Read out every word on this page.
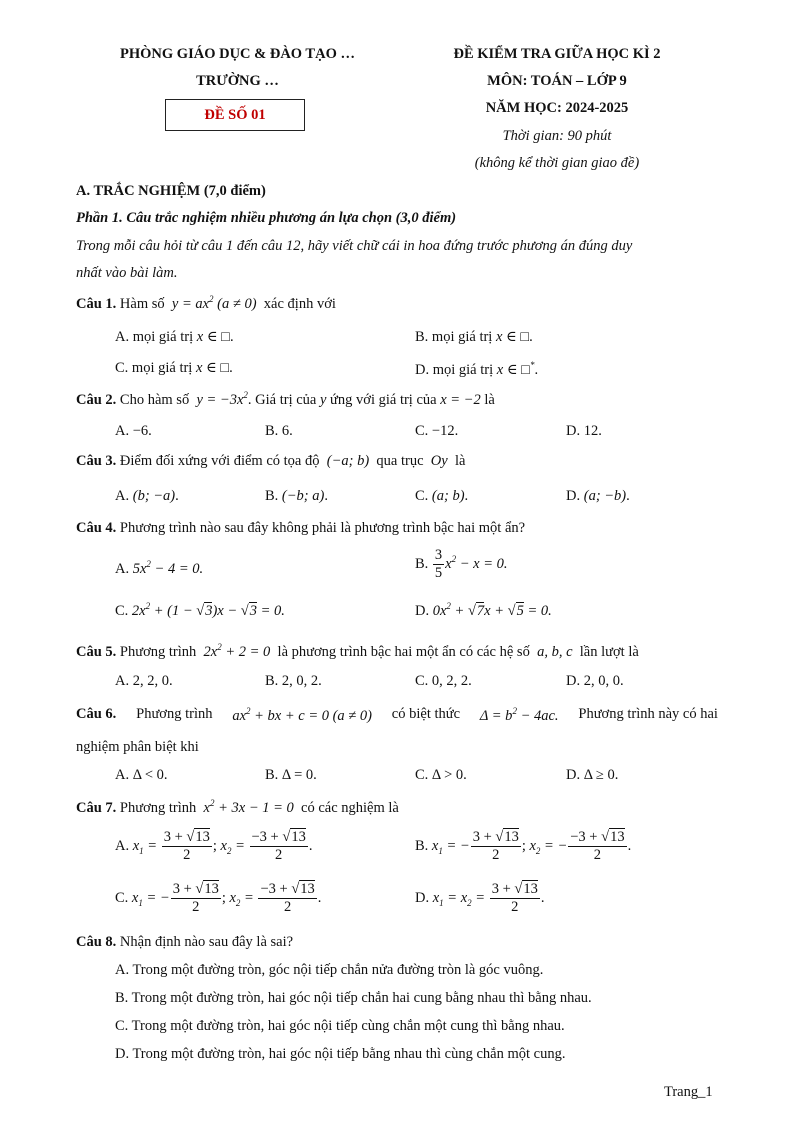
PHÒNG GIÁO DỤC & ĐÀO TẠO …
TRƯỜNG …
ĐỀ SỐ 01
ĐỀ KIỂM TRA GIỮA HỌC KÌ 2
MÔN: TOÁN – LỚP 9
NĂM HỌC: 2024-2025
Thời gian: 90 phút
(không kể thời gian giao đề)
A. TRẮC NGHIỆM (7,0 điểm)
Phần 1. Câu trắc nghiệm nhiều phương án lựa chọn (3,0 điểm)
Trong mỗi câu hỏi từ câu 1 đến câu 12, hãy viết chữ cái in hoa đứng trước phương án đúng duy
nhất vào bài làm.
Câu 1. Hàm số  $y = ax^2$ (a ≠ 0)  xác định với
A. mọi giá trị x ∈ □.	B. mọi giá trị x ∈ □.
C. mọi giá trị x ∈ □.	D. mọi giá trị x ∈ □*.
Câu 2. Cho hàm số  $y = -3x^2$. Giá trị của y ứng với giá trị của x = −2 là
A. −6.	B. 6.	C. −12.	D. 12.
Câu 3. Điểm đối xứng với điểm có tọa độ  (−a; b)  qua trục  Oy  là
A. (b; −a).	B. (−b; a).	C. (a; b).	D. (a; −b).
Câu 4. Phương trình nào sau đây không phải là phương trình bậc hai một ẩn?
A. $5x^2 - 4 = 0$.	B. $\frac{3}{5} x^2 - x = 0$.
C. $2x^2 + (1 - √3)x - √3 = 0$.	D. $0x^2 + √7x + √5 = 0$.
Câu 5. Phương trình  $2x^2 + 2 = 0$  là phương trình bậc hai một ẩn có các hệ số  a, b, c  lần lượt là
A. 2, 2, 0.	B. 2, 0, 2.	C. 0, 2, 2.	D. 2, 0, 0.
Câu 6. Phương trình $ax^2$ + bx + c = 0 (a ≠ 0) có biệt thức $\Delta = b^2 - 4ac$. Phương trình này có hai
nghiệm phân biệt khi
A. Δ < 0.	B. Δ = 0.	C. Δ > 0.	D. Δ ≥ 0.
Câu 7. Phương trình  $x^2 + 3x - 1 = 0$  có các nghiệm là
A. $x_1 = \frac{3 + √13}{2}$ ; $x_2 = \frac{-3 + √13}{2}$ .	B. $x_1$ = − $\frac{3 + √13}{2}$ ; $x_2$ = − $\frac{-3 + √13}{2}$ .
C. $x_1$ = − $\frac{3 + √13}{2}$ ; $x_2 = \frac{-3 + √13}{2}$ .	D. $x_1 = x_2 = \frac{3 + √13}{2}$ .
Câu 8. Nhận định nào sau đây là sai?
A. Trong một đường tròn, góc nội tiếp chắn nửa đường tròn là góc vuông.
B. Trong một đường tròn, hai góc nội tiếp chắn hai cung bằng nhau thì bằng nhau.
C. Trong một đường tròn, hai góc nội tiếp cùng chắn một cung thì bằng nhau.
D. Trong một đường tròn, hai góc nội tiếp bằng nhau thì cùng chắn một cung.
Trang_1
